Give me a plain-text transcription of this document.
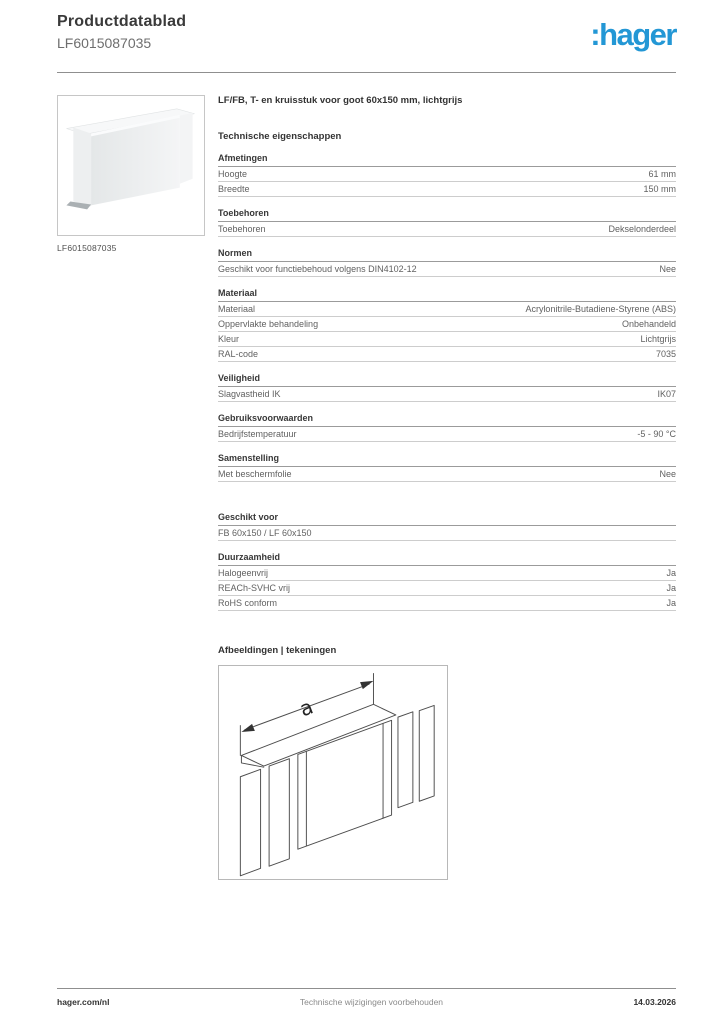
Productdatablad
LF6015087035	:hager
LF6015087035
LF/FB, T- en kruisstuk voor goot 60x150 mm, lichtgrijs
Technische eigenschappen
Afmetingen
Hoogte	61 mm
Breedte	150 mm
Toebehoren
Toebehoren	Dekselonderdeel
Normen
Geschikt voor functiebehoud volgens DIN4102-12	Nee
Materiaal
Materiaal	Acrylonitrile-Butadiene-Styrene (ABS)
Oppervlakte behandeling	Onbehandeld
Kleur	Lichtgrijs
RAL-code	7035
Veiligheid
Slagvastheid IK	IK07
Gebruiksvoorwaarden
Bedrijfstemperatuur	-5 - 90 °C
Samenstelling
Met beschermfolie	Nee
Geschikt voor
FB 60x150 / LF 60x150
Duurzaamheid
Halogeenvrij	Ja
REACh-SVHC vrij	Ja
RoHS conform	Ja
Afbeeldingen | tekeningen
a
hager.com/nl	Technische wijzigingen voorbehouden	14.03.2026
